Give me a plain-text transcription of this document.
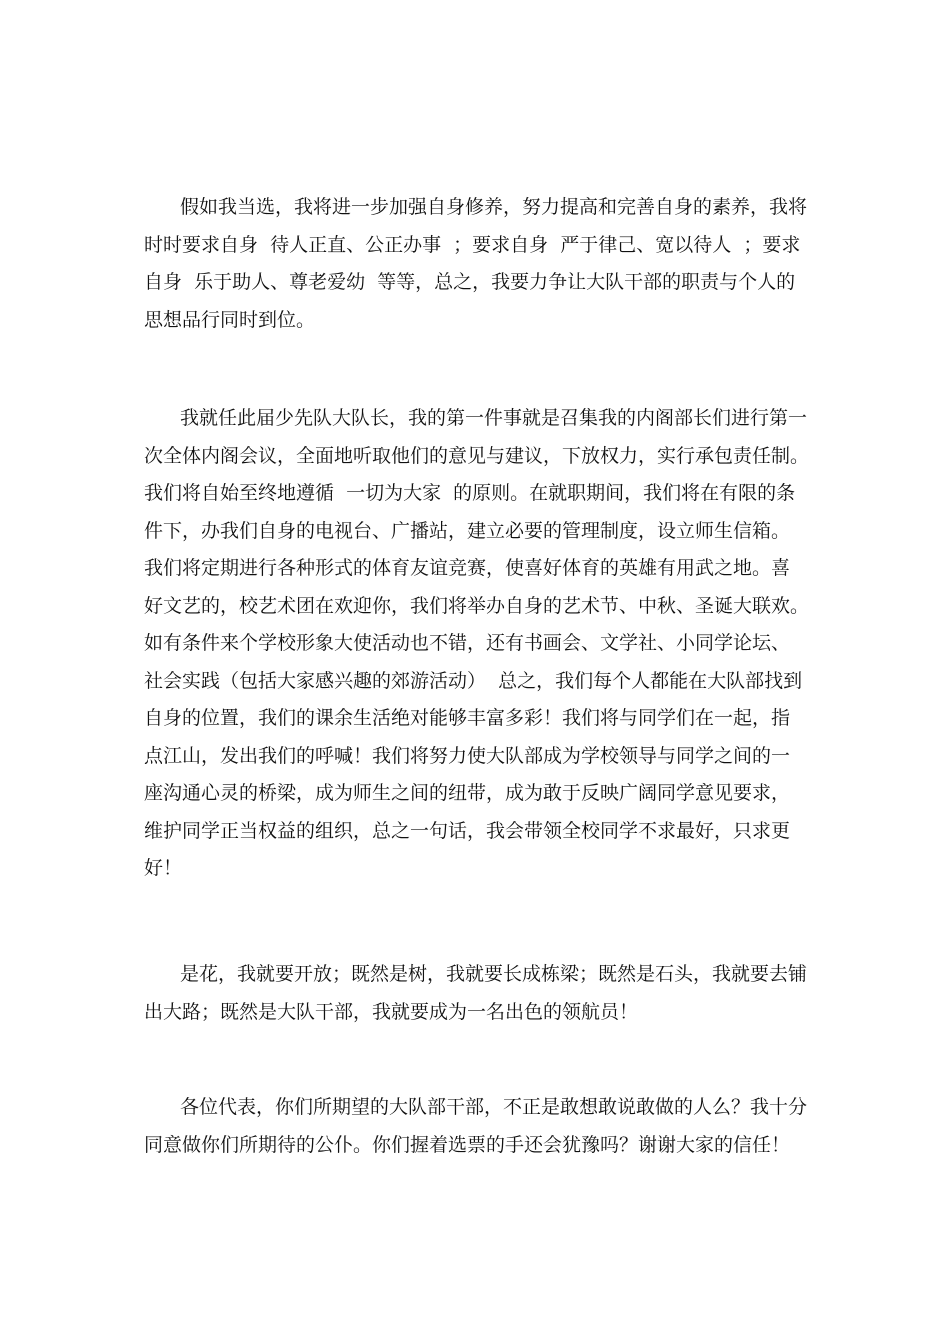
假如我当选，我将进一步加强自身修养，努力提高和完善自身的素养，我将
时时要求自身  待人正直、公正办事  ；要求自身  严于律己、宽以待人  ；要求
自身  乐于助人、尊老爱幼  等等，总之，我要力争让大队干部的职责与个人的
思想品行同时到位。

我就任此届少先队大队长，我的第一件事就是召集我的内阁部长们进行第一
次全体内阁会议，全面地听取他们的意见与建议，下放权力，实行承包责任制。
我们将自始至终地遵循  一切为大家  的原则。在就职期间，我们将在有限的条
件下，办我们自身的电视台、广播站，建立必要的管理制度，设立师生信箱。
我们将定期进行各种形式的体育友谊竞赛，使喜好体育的英雄有用武之地。喜
好文艺的，校艺术团在欢迎你，我们将举办自身的艺术节、中秋、圣诞大联欢。
如有条件来个学校形象大使活动也不错，还有书画会、文学社、小同学论坛、
社会实践（包括大家感兴趣的郊游活动）  总之，我们每个人都能在大队部找到
自身的位置，我们的课余生活绝对能够丰富多彩！我们将与同学们在一起，指
点江山，发出我们的呼喊！我们将努力使大队部成为学校领导与同学之间的一
座沟通心灵的桥梁，成为师生之间的纽带，成为敢于反映广阔同学意见要求，
维护同学正当权益的组织，总之一句话，我会带领全校同学不求最好，只求更
好！

是花，我就要开放；既然是树，我就要长成栋梁；既然是石头，我就要去铺
出大路；既然是大队干部，我就要成为一名出色的领航员！

各位代表，你们所期望的大队部干部，不正是敢想敢说敢做的人么？我十分
同意做你们所期待的公仆。你们握着选票的手还会犹豫吗？谢谢大家的信任！
